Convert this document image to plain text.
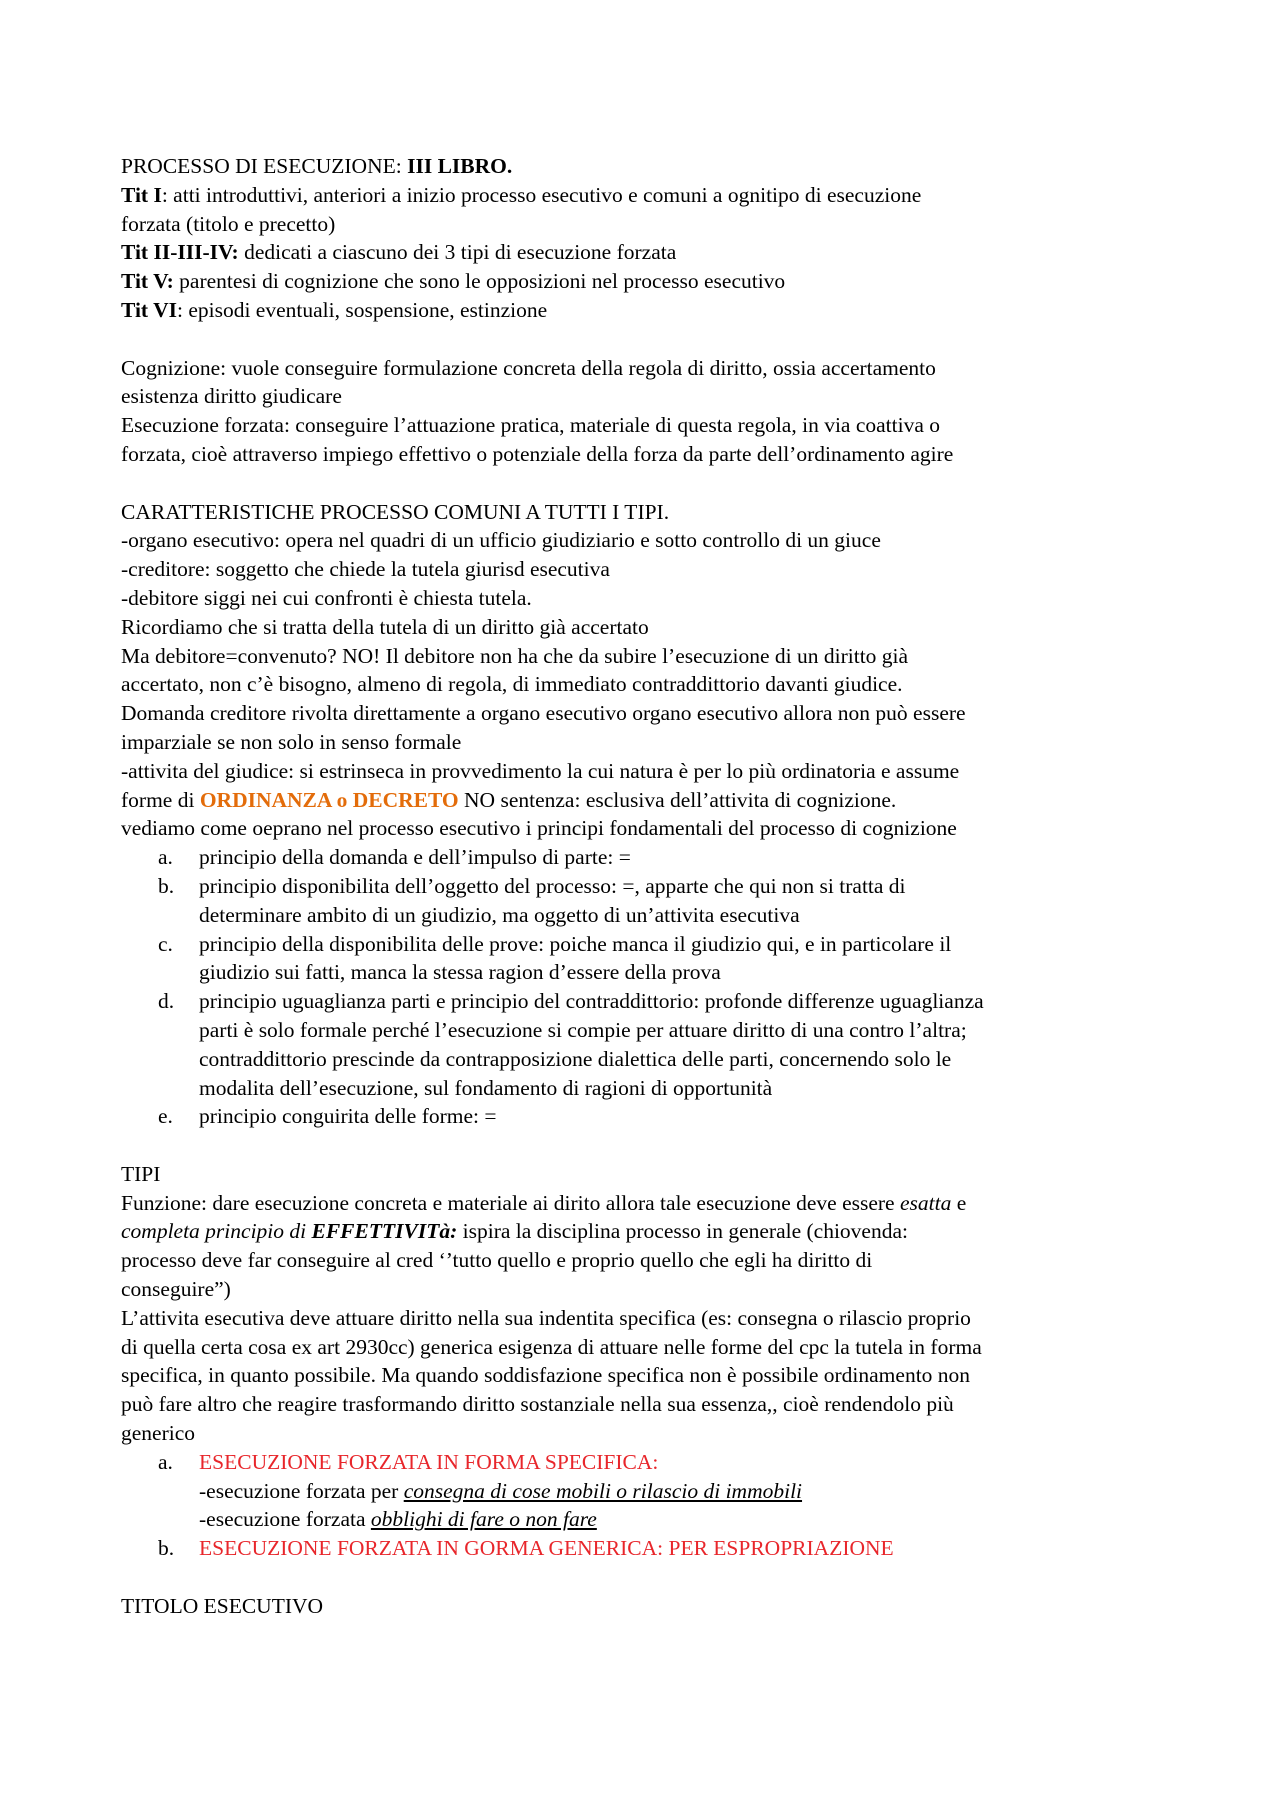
PROCESSO DI ESECUZIONE: III LIBRO.

Tit I: atti introduttivi, anteriori a inizio processo esecutivo e comuni a ognitipo di esecuzione

forzata (titolo e precetto)

Tit II-III-IV: dedicati a ciascuno dei 3 tipi di esecuzione forzata

Tit V: parentesi di cognizione che sono le opposizioni nel processo esecutivo

Tit VI: episodi eventuali, sospensione, estinzione

Cognizione: vuole conseguire formulazione concreta della regola di diritto, ossia accertamento

esistenza diritto giudicare

Esecuzione forzata: conseguire l’attuazione pratica, materiale di questa regola, in via coattiva o

forzata, cioè attraverso impiego effettivo o potenziale della forza da parte dell’ordinamento agire

CARATTERISTICHE PROCESSO COMUNI A TUTTI I TIPI.

-organo esecutivo: opera nel quadri di un ufficio giudiziario e sotto controllo di un giuce

-creditore: soggetto che chiede la tutela giurisd esecutiva

-debitore siggi nei cui confronti è chiesta tutela.

Ricordiamo che si tratta della tutela di un diritto già accertato

Ma debitore=convenuto? NO! Il debitore non ha che da subire l’esecuzione di un diritto già

accertato, non c’è bisogno, almeno di regola, di immediato contraddittorio davanti giudice.

Domanda creditore rivolta direttamente a organo esecutivo organo esecutivo allora non può essere

imparziale se non solo in senso formale

-attivita del giudice: si estrinseca in provvedimento la cui natura è per lo più ordinatoria e assume

forme di ORDINANZA o DECRETO NO sentenza: esclusiva dell’attivita di cognizione.

vediamo come oeprano nel processo esecutivo i principi fondamentali del processo di cognizione

a. principio della domanda e dell’impulso di parte: =

b. principio disponibilita dell’oggetto del processo: =, apparte che qui non si tratta di

determinare ambito di un giudizio, ma oggetto di un’attivita esecutiva

c. principio della disponibilita delle prove: poiche manca il giudizio qui, e in particolare il

giudizio sui fatti, manca la stessa ragion d’essere della prova

d. principio uguaglianza parti e principio del contraddittorio: profonde differenze uguaglianza

parti è solo formale perché l’esecuzione si compie per attuare diritto di una contro l’altra;

contraddittorio prescinde da contrapposizione dialettica delle parti, concernendo solo le

modalita dell’esecuzione, sul fondamento di ragioni di opportunità

e. principio conguirita delle forme: =

TIPI

Funzione: dare esecuzione concreta e materiale ai dirito allora tale esecuzione deve essere esatta e

completa principio di EFFETTIVITà: ispira la disciplina processo in generale (chiovenda:

processo deve far conseguire al cred ‘’tutto quello e proprio quello che egli ha diritto di

conseguire”)

L’attivita esecutiva deve attuare diritto nella sua indentita specifica (es: consegna o rilascio proprio

di quella certa cosa ex art 2930cc) generica esigenza di attuare nelle forme del cpc la tutela in forma

specifica, in quanto possibile. Ma quando soddisfazione specifica non è possibile ordinamento non

può fare altro che reagire trasformando diritto sostanziale nella sua essenza,, cioè rendendolo più

generico

a. ESECUZIONE FORZATA IN FORMA SPECIFICA:

-esecuzione forzata per consegna di cose mobili o rilascio di immobili

-esecuzione forzata obblighi di fare o non fare

b. ESECUZIONE FORZATA IN GORMA GENERICA: PER ESPROPRIAZIONE

TITOLO ESECUTIVO
